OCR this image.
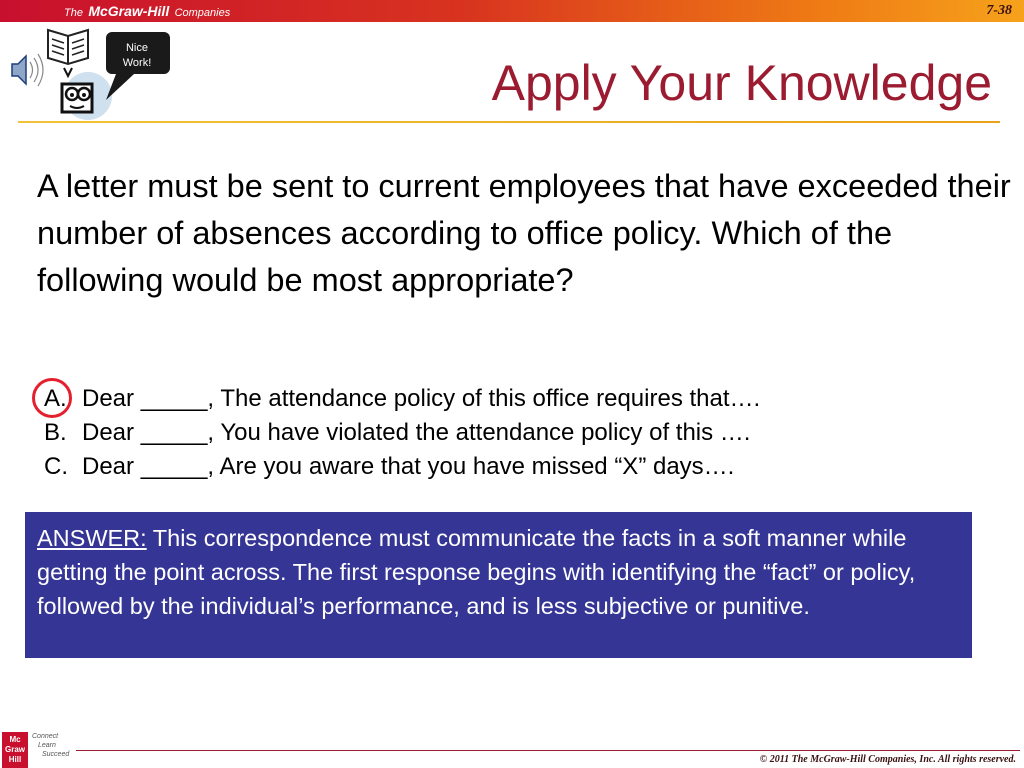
The McGraw-Hill Companies	7-38
Nice
Work!	Apply Your Knowledge
A letter must be sent to current employees that have exceeded their number of absences according to office policy. Which of the following would be most appropriate?
A. Dear _____, The attendance policy of this office requires that….
B. Dear _____, You have violated the attendance policy of this ….
C. Dear _____, Are you aware that you have missed “X” days….
ANSWER: This correspondence must communicate the facts in a soft manner while getting the point across. The first response begins with identifying the “fact” or policy, followed by the individual’s performance, and is less subjective or punitive.
Mc
Graw
Hill
Connect
Learn
Succeed	© 2011 The McGraw-Hill Companies, Inc. All rights reserved.
